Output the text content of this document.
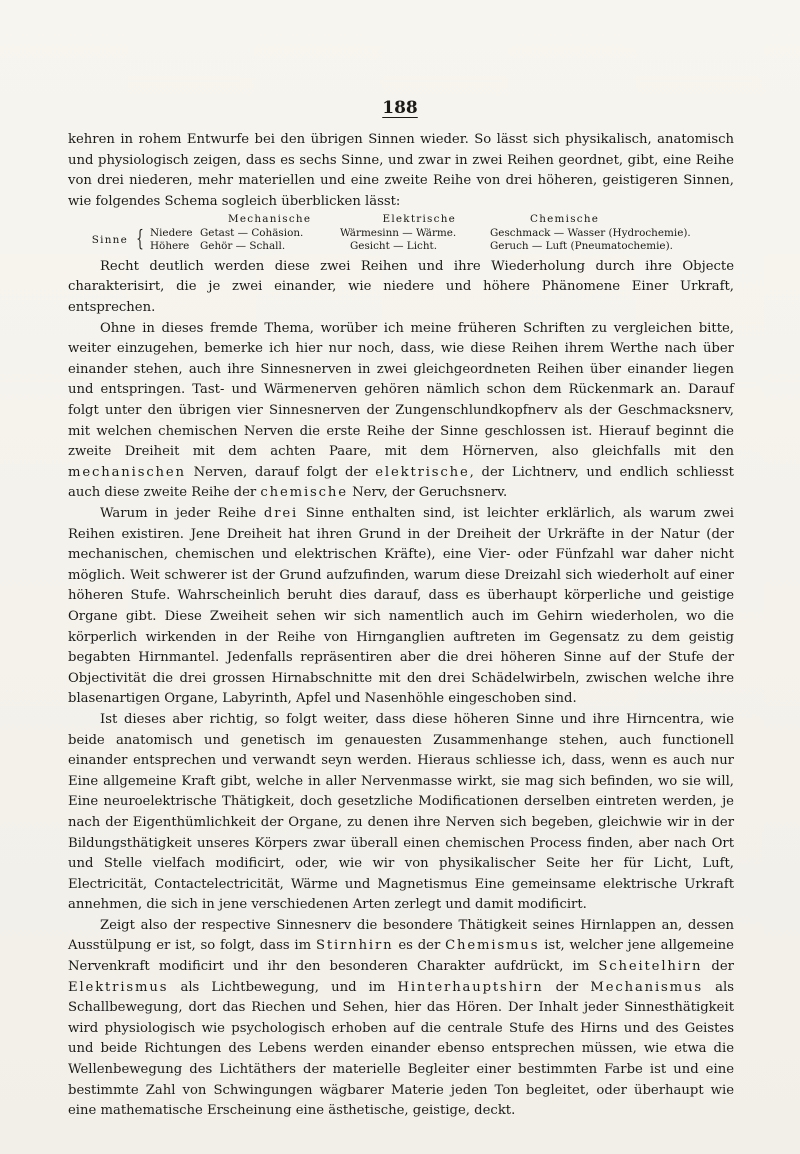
188

kehren in rohem Entwurfe bei den übrigen Sinnen wieder. So lässt sich physikalisch, anatomisch und physiologisch zeigen, dass es sechs Sinne, und zwar in zwei Reihen geordnet, gibt, eine Reihe von drei niederen, mehr materiellen und eine zweite Reihe von drei höheren, geistigeren Sinnen, wie folgendes Schema sogleich überblicken lässt:

Mechanische	Elektrische	Chemische
Sinne { Niedere Getast — Cohäsion.	Wärmesinn — Wärme.	Geschmack — Wasser (Hydrochemie).
Höhere	Gehör — Schall.	Gesicht — Licht.	Geruch — Luft (Pneumatochemie).

Recht deutlich werden diese zwei Reihen und ihre Wiederholung durch ihre Objecte charakterisirt, die je zwei einander, wie niedere und höhere Phänomene Einer Urkraft, entsprechen.

Ohne in dieses fremde Thema, worüber ich meine früheren Schriften zu vergleichen bitte, weiter einzugehen, bemerke ich hier nur noch, dass, wie diese Reihen ihrem Werthe nach über einander stehen, auch ihre Sinnesnerven in zwei gleichgeordneten Reihen über einander liegen und entspringen. Tast- und Wärmenerven gehören nämlich schon dem Rückenmark an. Darauf folgt unter den übrigen vier Sinnesnerven der Zungenschlundkopfnerv als der Geschmacksnerv, mit welchen chemischen Nerven die erste Reihe der Sinne geschlossen ist. Hierauf beginnt die zweite Dreiheit mit dem achten Paare, mit dem Hörnerven, also gleichfalls mit den mechanischen Nerven, darauf folgt der elektrische, der Lichtnerv, und endlich schliesst auch diese zweite Reihe der chemische Nerv, der Geruchsnerv.

Warum in jeder Reihe drei Sinne enthalten sind, ist leichter erklärlich, als warum zwei Reihen existiren. Jene Dreiheit hat ihren Grund in der Dreiheit der Urkräfte in der Natur (der mechanischen, chemischen und elektrischen Kräfte), eine Vier- oder Fünfzahl war daher nicht möglich. Weit schwerer ist der Grund aufzufinden, warum diese Dreizahl sich wiederholt auf einer höheren Stufe. Wahrscheinlich beruht dies darauf, dass es überhaupt körperliche und geistige Organe gibt. Diese Zweiheit sehen wir sich namentlich auch im Gehirn wiederholen, wo die körperlich wirkenden in der Reihe von Hirnganglien auftreten im Gegensatz zu dem geistig begabten Hirnmantel. Jedenfalls repräsentiren aber die drei höheren Sinne auf der Stufe der Objectivität die drei grossen Hirnabschnitte mit den drei Schädelwirbeln, zwischen welche ihre blasenartigen Organe, Labyrinth, Apfel und Nasenhöhle eingeschoben sind.

Ist dieses aber richtig, so folgt weiter, dass diese höheren Sinne und ihre Hirncentra, wie beide anatomisch und genetisch im genauesten Zusammenhange stehen, auch functionell einander entsprechen und verwandt seyn werden. Hieraus schliesse ich, dass, wenn es auch nur Eine allgemeine Kraft gibt, welche in aller Nervenmasse wirkt, sie mag sich befinden, wo sie will, Eine neuroelektrische Thätigkeit, doch gesetzliche Modificationen derselben eintreten werden, je nach der Eigenthümlichkeit der Organe, zu denen ihre Nerven sich begeben, gleichwie wir in der Bildungsthätigkeit unseres Körpers zwar überall einen chemischen Process finden, aber nach Ort und Stelle vielfach modificirt, oder, wie wir von physikalischer Seite her für Licht, Luft, Electricität, Contactelectricität, Wärme und Magnetismus Eine gemeinsame elektrische Urkraft annehmen, die sich in jene verschiedenen Arten zerlegt und damit modificirt.

Zeigt also der respective Sinnesnerv die besondere Thätigkeit seines Hirnlappen an, dessen Ausstülpung er ist, so folgt, dass im Stirnhirn es der Chemismus ist, welcher jene allgemeine Nervenkraft modificirt und ihr den besonderen Charakter aufdrückt, im Scheitelhirn der Elektrismus als Lichtbewegung, und im Hinterhauptshirn der Mechanismus als Schallbewegung, dort das Riechen und Sehen, hier das Hören. Der Inhalt jeder Sinnesthätigkeit wird physiologisch wie psychologisch erhoben auf die centrale Stufe des Hirns und des Geistes und beide Richtungen des Lebens werden einander ebenso entsprechen müssen, wie etwa die Wellenbewegung des Lichtäthers der materielle Begleiter einer bestimmten Farbe ist und eine bestimmte Zahl von Schwingungen wägbarer Materie jeden Ton begleitet, oder überhaupt wie eine mathematische Erscheinung eine ästhetische, geistige, deckt.
